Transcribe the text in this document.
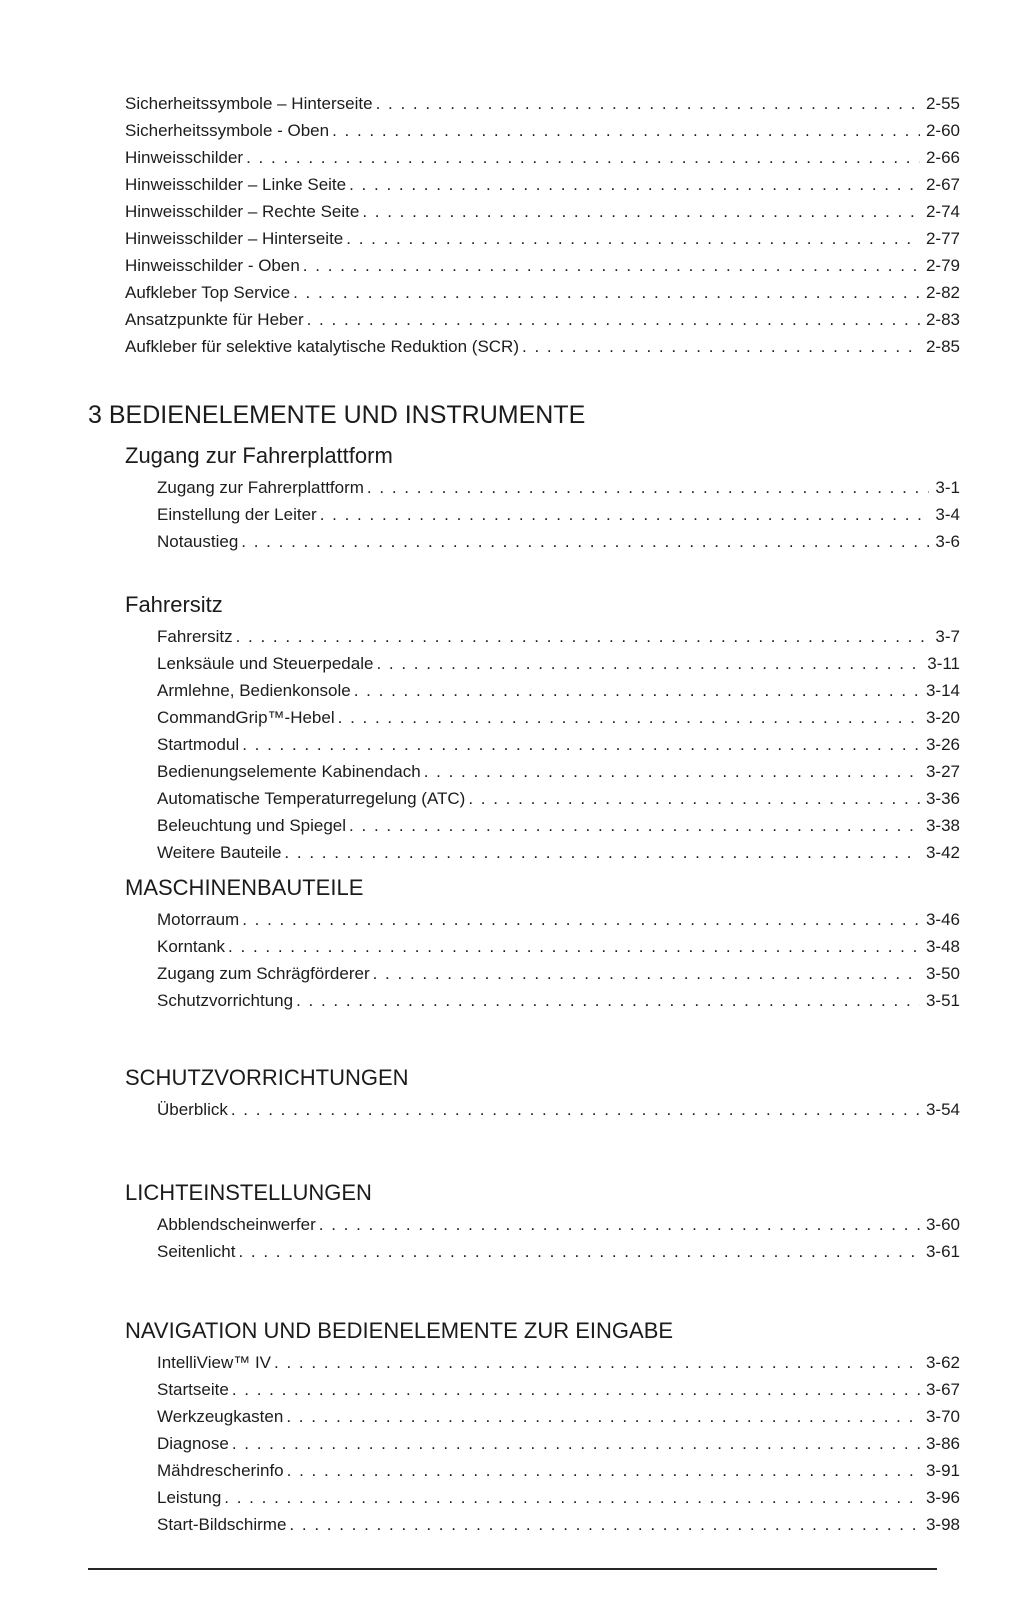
Sicherheitssymbole – Hinterseite . . .	2-55
Sicherheitssymbole - Oben . . .	2-60
Hinweisschilder . . .	2-66
Hinweisschilder – Linke Seite . . .	2-67
Hinweisschilder – Rechte Seite . . .	2-74
Hinweisschilder – Hinterseite . . .	2-77
Hinweisschilder - Oben . . .	2-79
Aufkleber Top Service . . .	2-82
Ansatzpunkte für Heber . . .	2-83
Aufkleber für selektive katalytische Reduktion (SCR) . . .	2-85
3 BEDIENELEMENTE UND INSTRUMENTE
Zugang zur Fahrerplattform
Zugang zur Fahrerplattform . . .	3-1
Einstellung der Leiter . . .	3-4
Notaustieg . . .	3-6
Fahrersitz
Fahrersitz . . .	3-7
Lenksäule und Steuerpedale . . .	3-11
Armlehne, Bedienkonsole . . .	3-14
CommandGrip™-Hebel . . .	3-20
Startmodul . . .	3-26
Bedienungselemente Kabinendach . . .	3-27
Automatische Temperaturregelung (ATC) . . .	3-36
Beleuchtung und Spiegel . . .	3-38
Weitere Bauteile . . .	3-42
MASCHINENBAUTEILE
Motorraum . . .	3-46
Korntank . . .	3-48
Zugang zum Schrägförderer . . .	3-50
Schutzvorrichtung . . .	3-51
SCHUTZVORRICHTUNGEN
Überblick . . .	3-54
LICHTEINSTELLUNGEN
Abblendscheinwerfer . . .	3-60
Seitenlicht . . .	3-61
NAVIGATION UND BEDIENELEMENTE ZUR EINGABE
IntelliView™ IV . . .	3-62
Startseite . . .	3-67
Werkzeugkasten . . .	3-70
Diagnose . . .	3-86
Mähdrescherinfo . . .	3-91
Leistung . . .	3-96
Start-Bildschirme . . .	3-98
